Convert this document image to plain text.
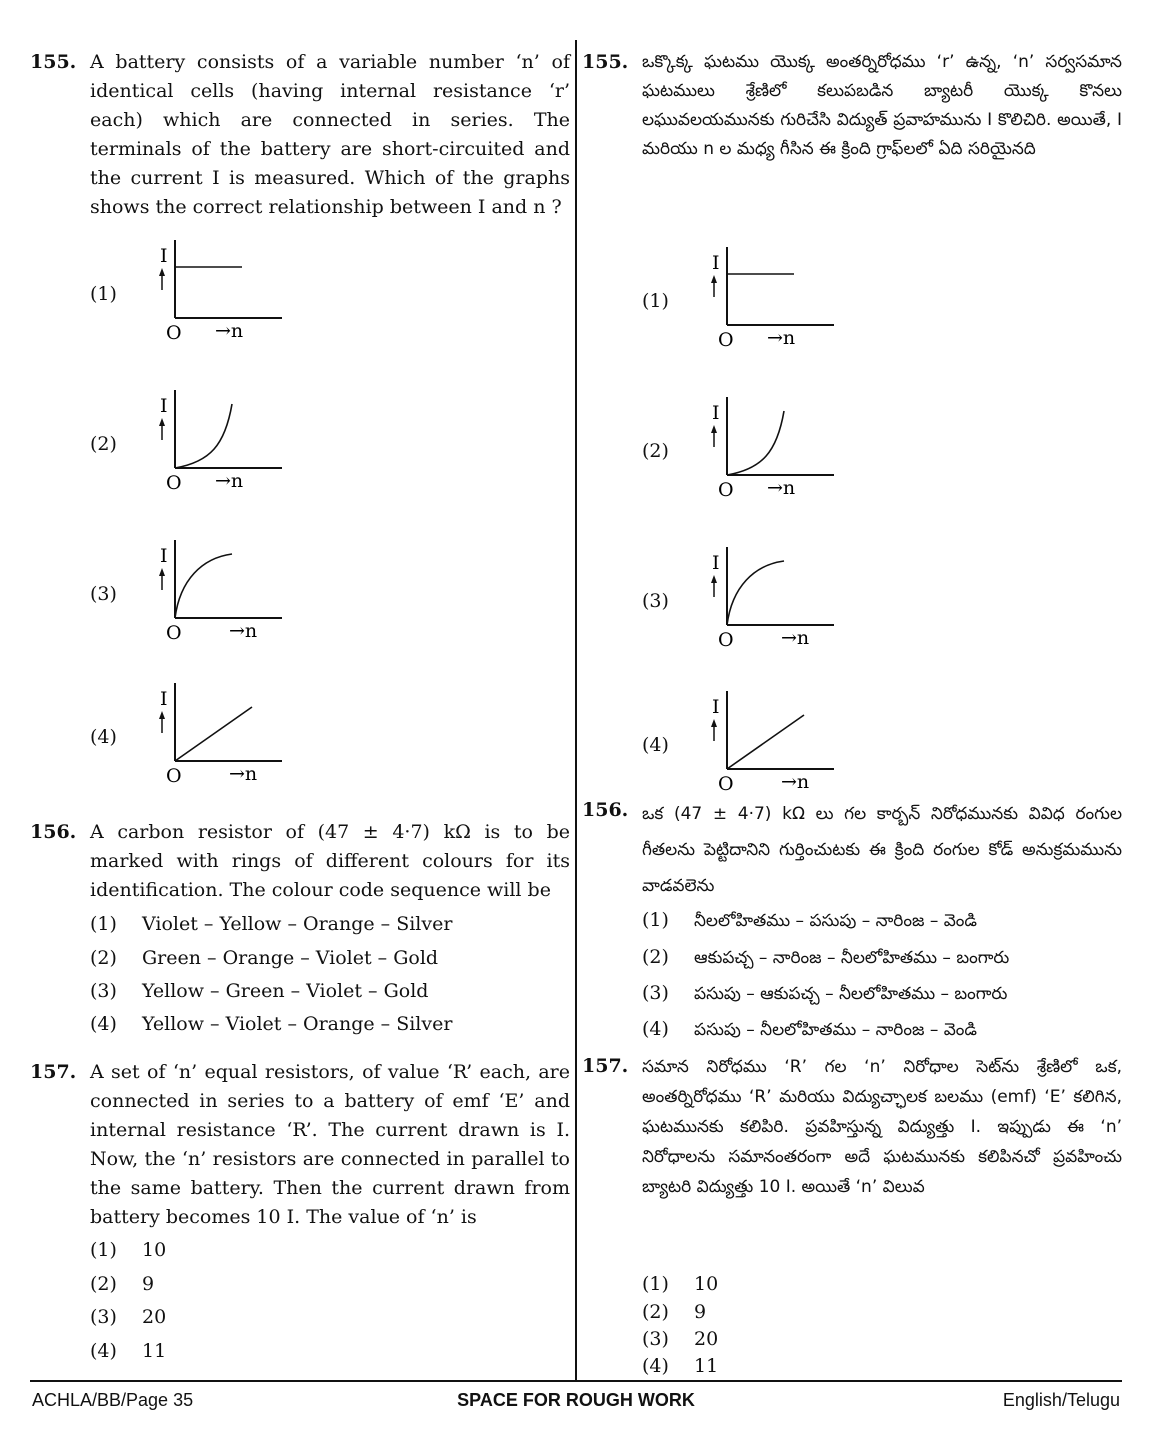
155. A battery consists of a variable number ‘n’ of identical cells (having internal resistance ‘r’ each) which are connected in series. The terminals of the battery are short-circuited and the current I is measured. Which of the graphs shows the correct relationship between I and n ?
(1)
I
O →n
(2)
I
O →n
(3)
I
O →n
(4)
I
O →n
156. A carbon resistor of (47 ± 4·7) kΩ is to be marked with rings of different colours for its identification. The colour code sequence will be
(1) Violet – Yellow – Orange – Silver
(2) Green – Orange – Violet – Gold
(3) Yellow – Green – Violet – Gold
(4) Yellow – Violet – Orange – Silver
157. A set of ‘n’ equal resistors, of value ‘R’ each, are connected in series to a battery of emf ‘E’ and internal resistance ‘R’. The current drawn is I. Now, the ‘n’ resistors are connected in parallel to the same battery. Then the current drawn from battery becomes 10 I. The value of ‘n’ is
(1) 10
(2) 9
(3) 20
(4) 11
155. ఒక్కొక్క ఘటము యొక్క అంతర్నిరోధము ‘r’ ఉన్న, ‘n’ సర్వసమాన ఘటములు శ్రేణిలో కలుపబడిన బ్యాటరీ యొక్క కొనలు లఘువలయమునకు గురిచేసి విద్యుత్ ప్రవాహమును I కొలిచిరి. అయితే, I మరియు n ల మధ్య గీసిన ఈ క్రింది గ్రాఫ్‌లలో ఏది సరియైనది
(1)
I
O →n
(2)
I
O →n
(3)
I
O →n
(4)
I
O →n
156. ఒక (47 ± 4·7) kΩ లు గల కార్బన్ నిరోధమునకు వివిధ రంగుల గీతలను పెట్టిదానిని గుర్తించుటకు ఈ క్రింది రంగుల కోడ్ అనుక్రమమును వాడవలెను
(1) నీలలోహితము – పసుపు – నారింజ – వెండి
(2) ఆకుపచ్చ – నారింజ – నీలలోహితము – బంగారు
(3) పసుపు – ఆకుపచ్చ – నీలలోహితము – బంగారు
(4) పసుపు – నీలలోహితము – నారింజ – వెండి
157. సమాన నిరోధము ‘R’ గల ‘n’ నిరోధాల సెట్‌ను శ్రేణిలో ఒక, అంతర్నిరోధము ‘R’ మరియు విద్యుచ్ఛాలక బలము (emf) ‘E’ కలిగిన, ఘటమునకు కలిపిరి. ప్రవహిస్తున్న విద్యుత్తు I. ఇప్పుడు ఈ ‘n’ నిరోధాలను సమానంతరంగా అదే ఘటమునకు కలిపినచో ప్రవహించు బ్యాటరి విద్యుత్తు 10 I. అయితే ‘n’ విలువ
(1) 10
(2) 9
(3) 20
(4) 11
ACHLA/BB/Page 35	SPACE FOR ROUGH WORK	English/Telugu
